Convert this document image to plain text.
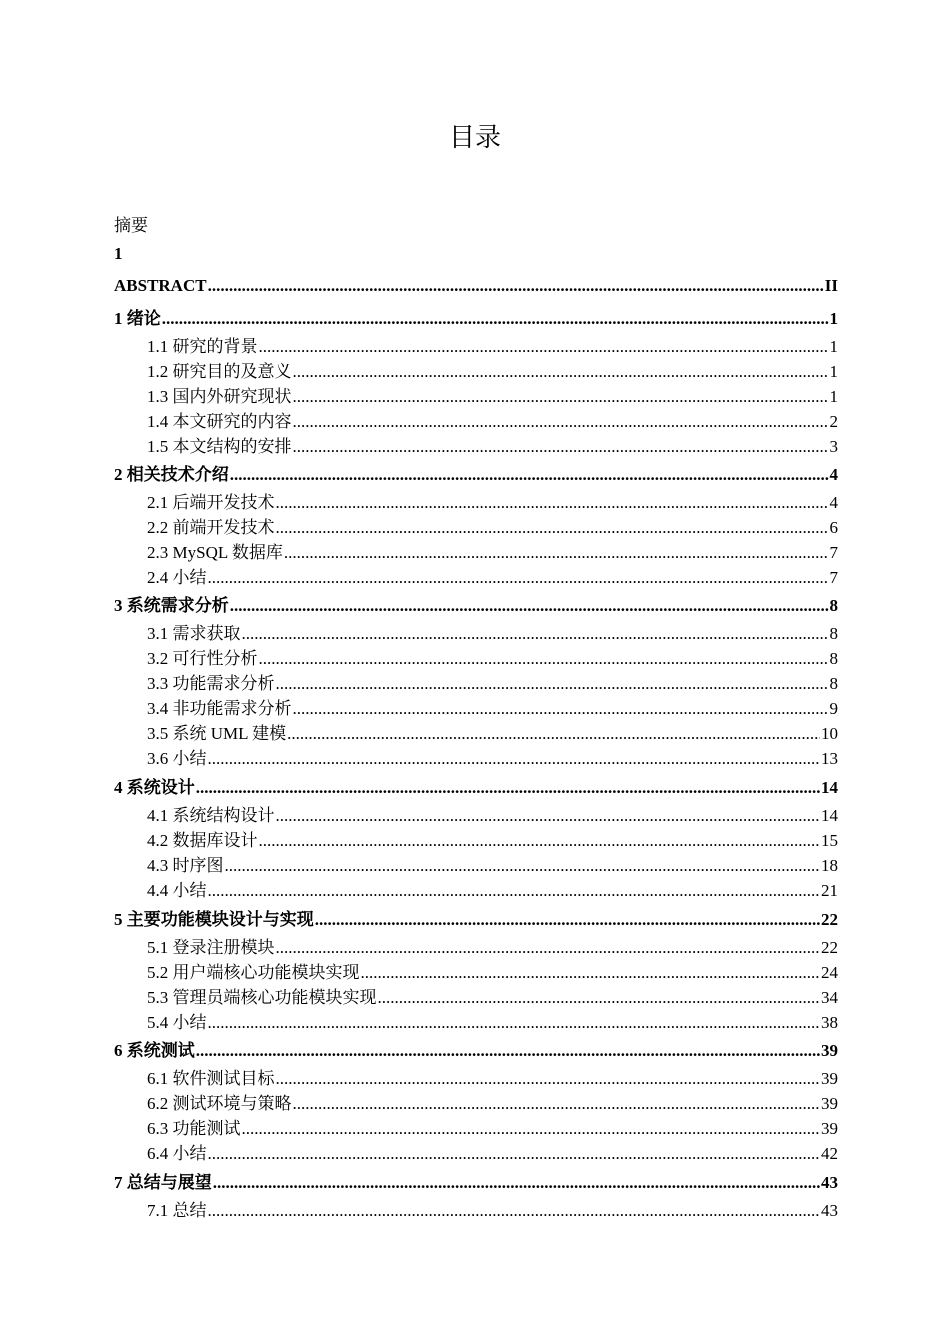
目录
摘要
1
ABSTRACT .....	II
1 绪论 .....	1
1.1 研究的背景 .....	1
1.2 研究目的及意义 .....	1
1.3 国内外研究现状 .....	1
1.4 本文研究的内容 .....	2
1.5 本文结构的安排 .....	3
2 相关技术介绍 .....	4
2.1 后端开发技术 .....	4
2.2 前端开发技术 .....	6
2.3 MySQL 数据库 .....	7
2.4 小结 .....	7
3 系统需求分析 .....	8
3.1 需求获取 .....	8
3.2 可行性分析 .....	8
3.3 功能需求分析 .....	8
3.4 非功能需求分析 .....	9
3.5 系统 UML 建模 .....	10
3.6 小结 .....	13
4 系统设计 .....	14
4.1 系统结构设计 .....	14
4.2 数据库设计 .....	15
4.3 时序图 .....	18
4.4 小结 .....	21
5 主要功能模块设计与实现 .....	22
5.1 登录注册模块 .....	22
5.2 用户端核心功能模块实现 .....	24
5.3 管理员端核心功能模块实现 .....	34
5.4 小结 .....	38
6 系统测试 .....	39
6.1 软件测试目标 .....	39
6.2 测试环境与策略 .....	39
6.3 功能测试 .....	39
6.4 小结 .....	42
7 总结与展望 .....	43
7.1 总结 .....	43
